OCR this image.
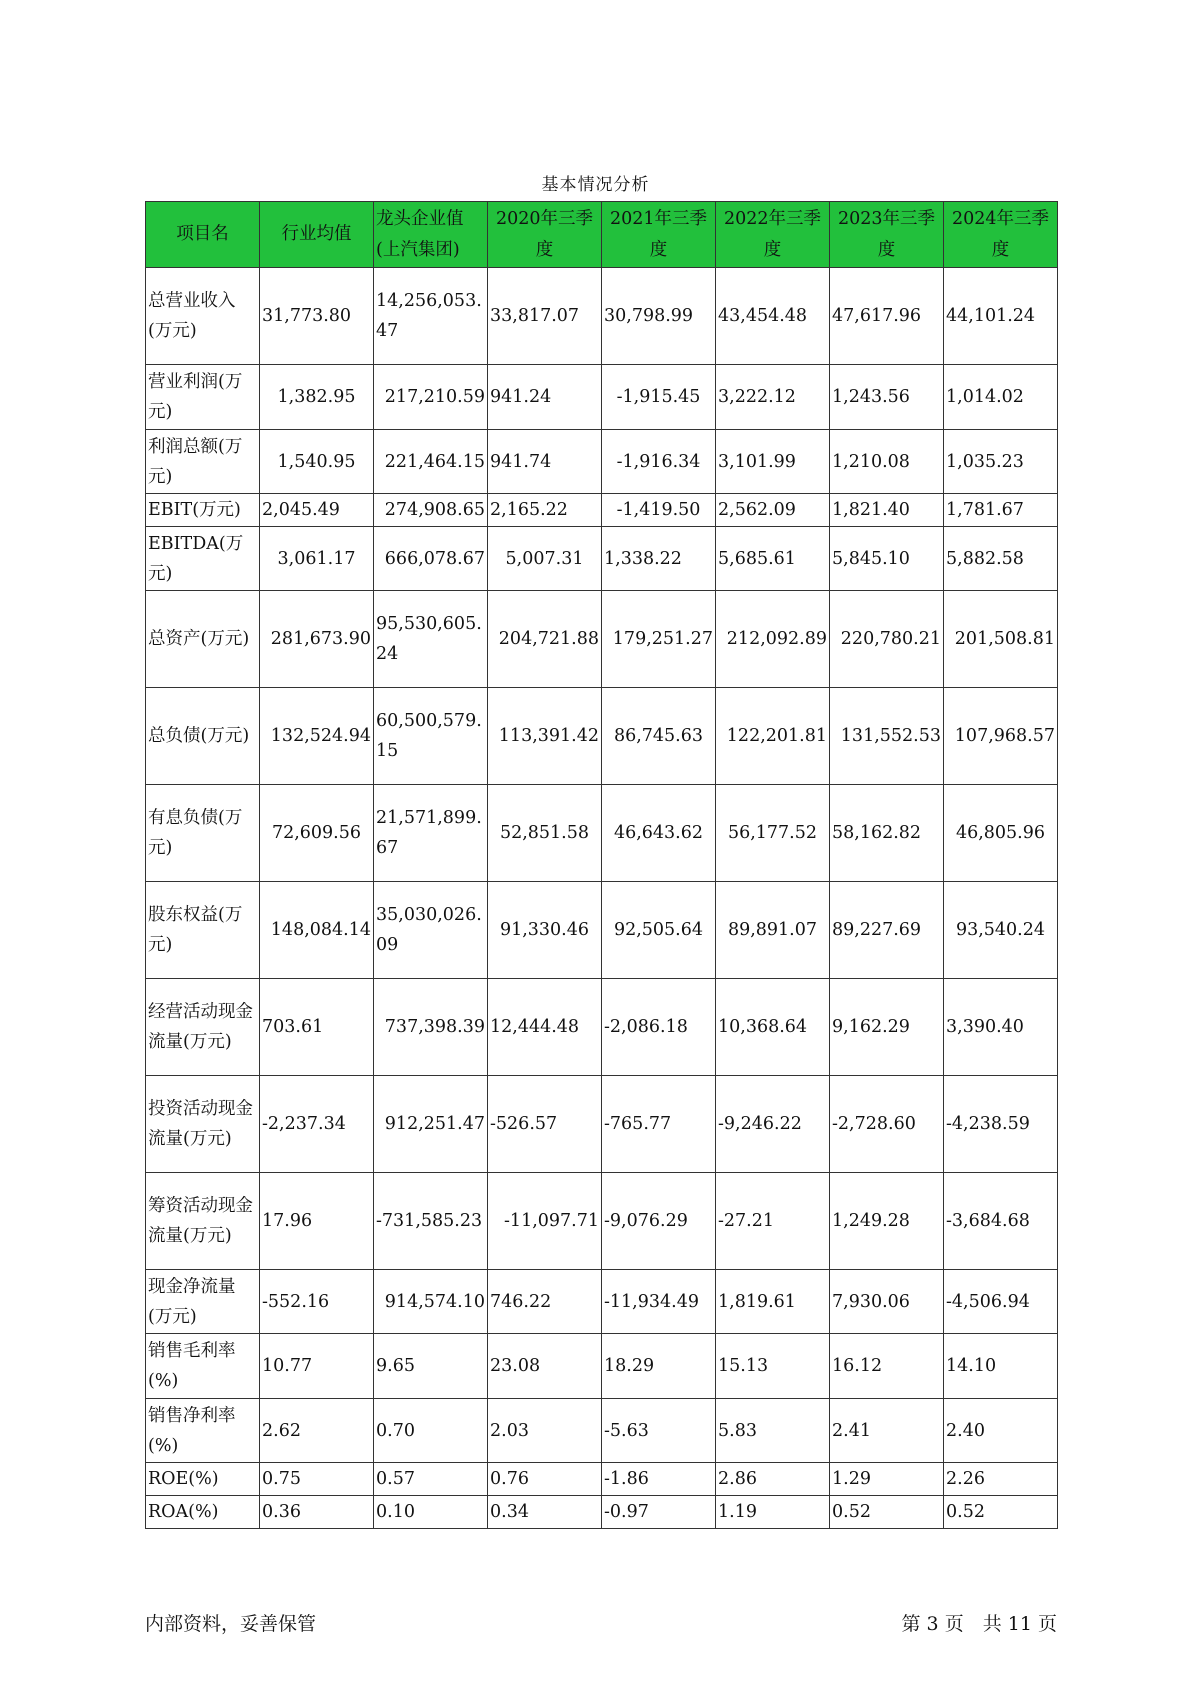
基本情况分析
项目名	行业均值	龙头企业值(上汽集团)	2020年三季度	2021年三季度	2022年三季度	2023年三季度	2024年三季度
总营业收入(万元)	31,773.80	14,256,053.47	33,817.07	30,798.99	43,454.48	47,617.96	44,101.24
营业利润(万元)	1,382.95	217,210.59	941.24	-1,915.45	3,222.12	1,243.56	1,014.02
利润总额(万元)	1,540.95	221,464.15	941.74	-1,916.34	3,101.99	1,210.08	1,035.23
EBIT(万元)	2,045.49	274,908.65	2,165.22	-1,419.50	2,562.09	1,821.40	1,781.67
EBITDA(万元)	3,061.17	666,078.67	5,007.31	1,338.22	5,685.61	5,845.10	5,882.58
总资产(万元)	281,673.90	95,530,605.24	204,721.88	179,251.27	212,092.89	220,780.21	201,508.81
总负债(万元)	132,524.94	60,500,579.15	113,391.42	86,745.63	122,201.81	131,552.53	107,968.57
有息负债(万元)	72,609.56	21,571,899.67	52,851.58	46,643.62	56,177.52	58,162.82	46,805.96
股东权益(万元)	148,084.14	35,030,026.09	91,330.46	92,505.64	89,891.07	89,227.69	93,540.24
经营活动现金流量(万元)	703.61	737,398.39	12,444.48	-2,086.18	10,368.64	9,162.29	3,390.40
投资活动现金流量(万元)	-2,237.34	912,251.47	-526.57	-765.77	-9,246.22	-2,728.60	-4,238.59
筹资活动现金流量(万元)	17.96	-731,585.23	-11,097.71	-9,076.29	-27.21	1,249.28	-3,684.68
现金净流量(万元)	-552.16	914,574.10	746.22	-11,934.49	1,819.61	7,930.06	-4,506.94
销售毛利率(%)	10.77	9.65	23.08	18.29	15.13	16.12	14.10
销售净利率(%)	2.62	0.70	2.03	-5.63	5.83	2.41	2.40
ROE(%)	0.75	0.57	0.76	-1.86	2.86	1.29	2.26
ROA(%)	0.36	0.10	0.34	-0.97	1.19	0.52	0.52
内部资料，妥善保管	第 3 页　共 11 页
